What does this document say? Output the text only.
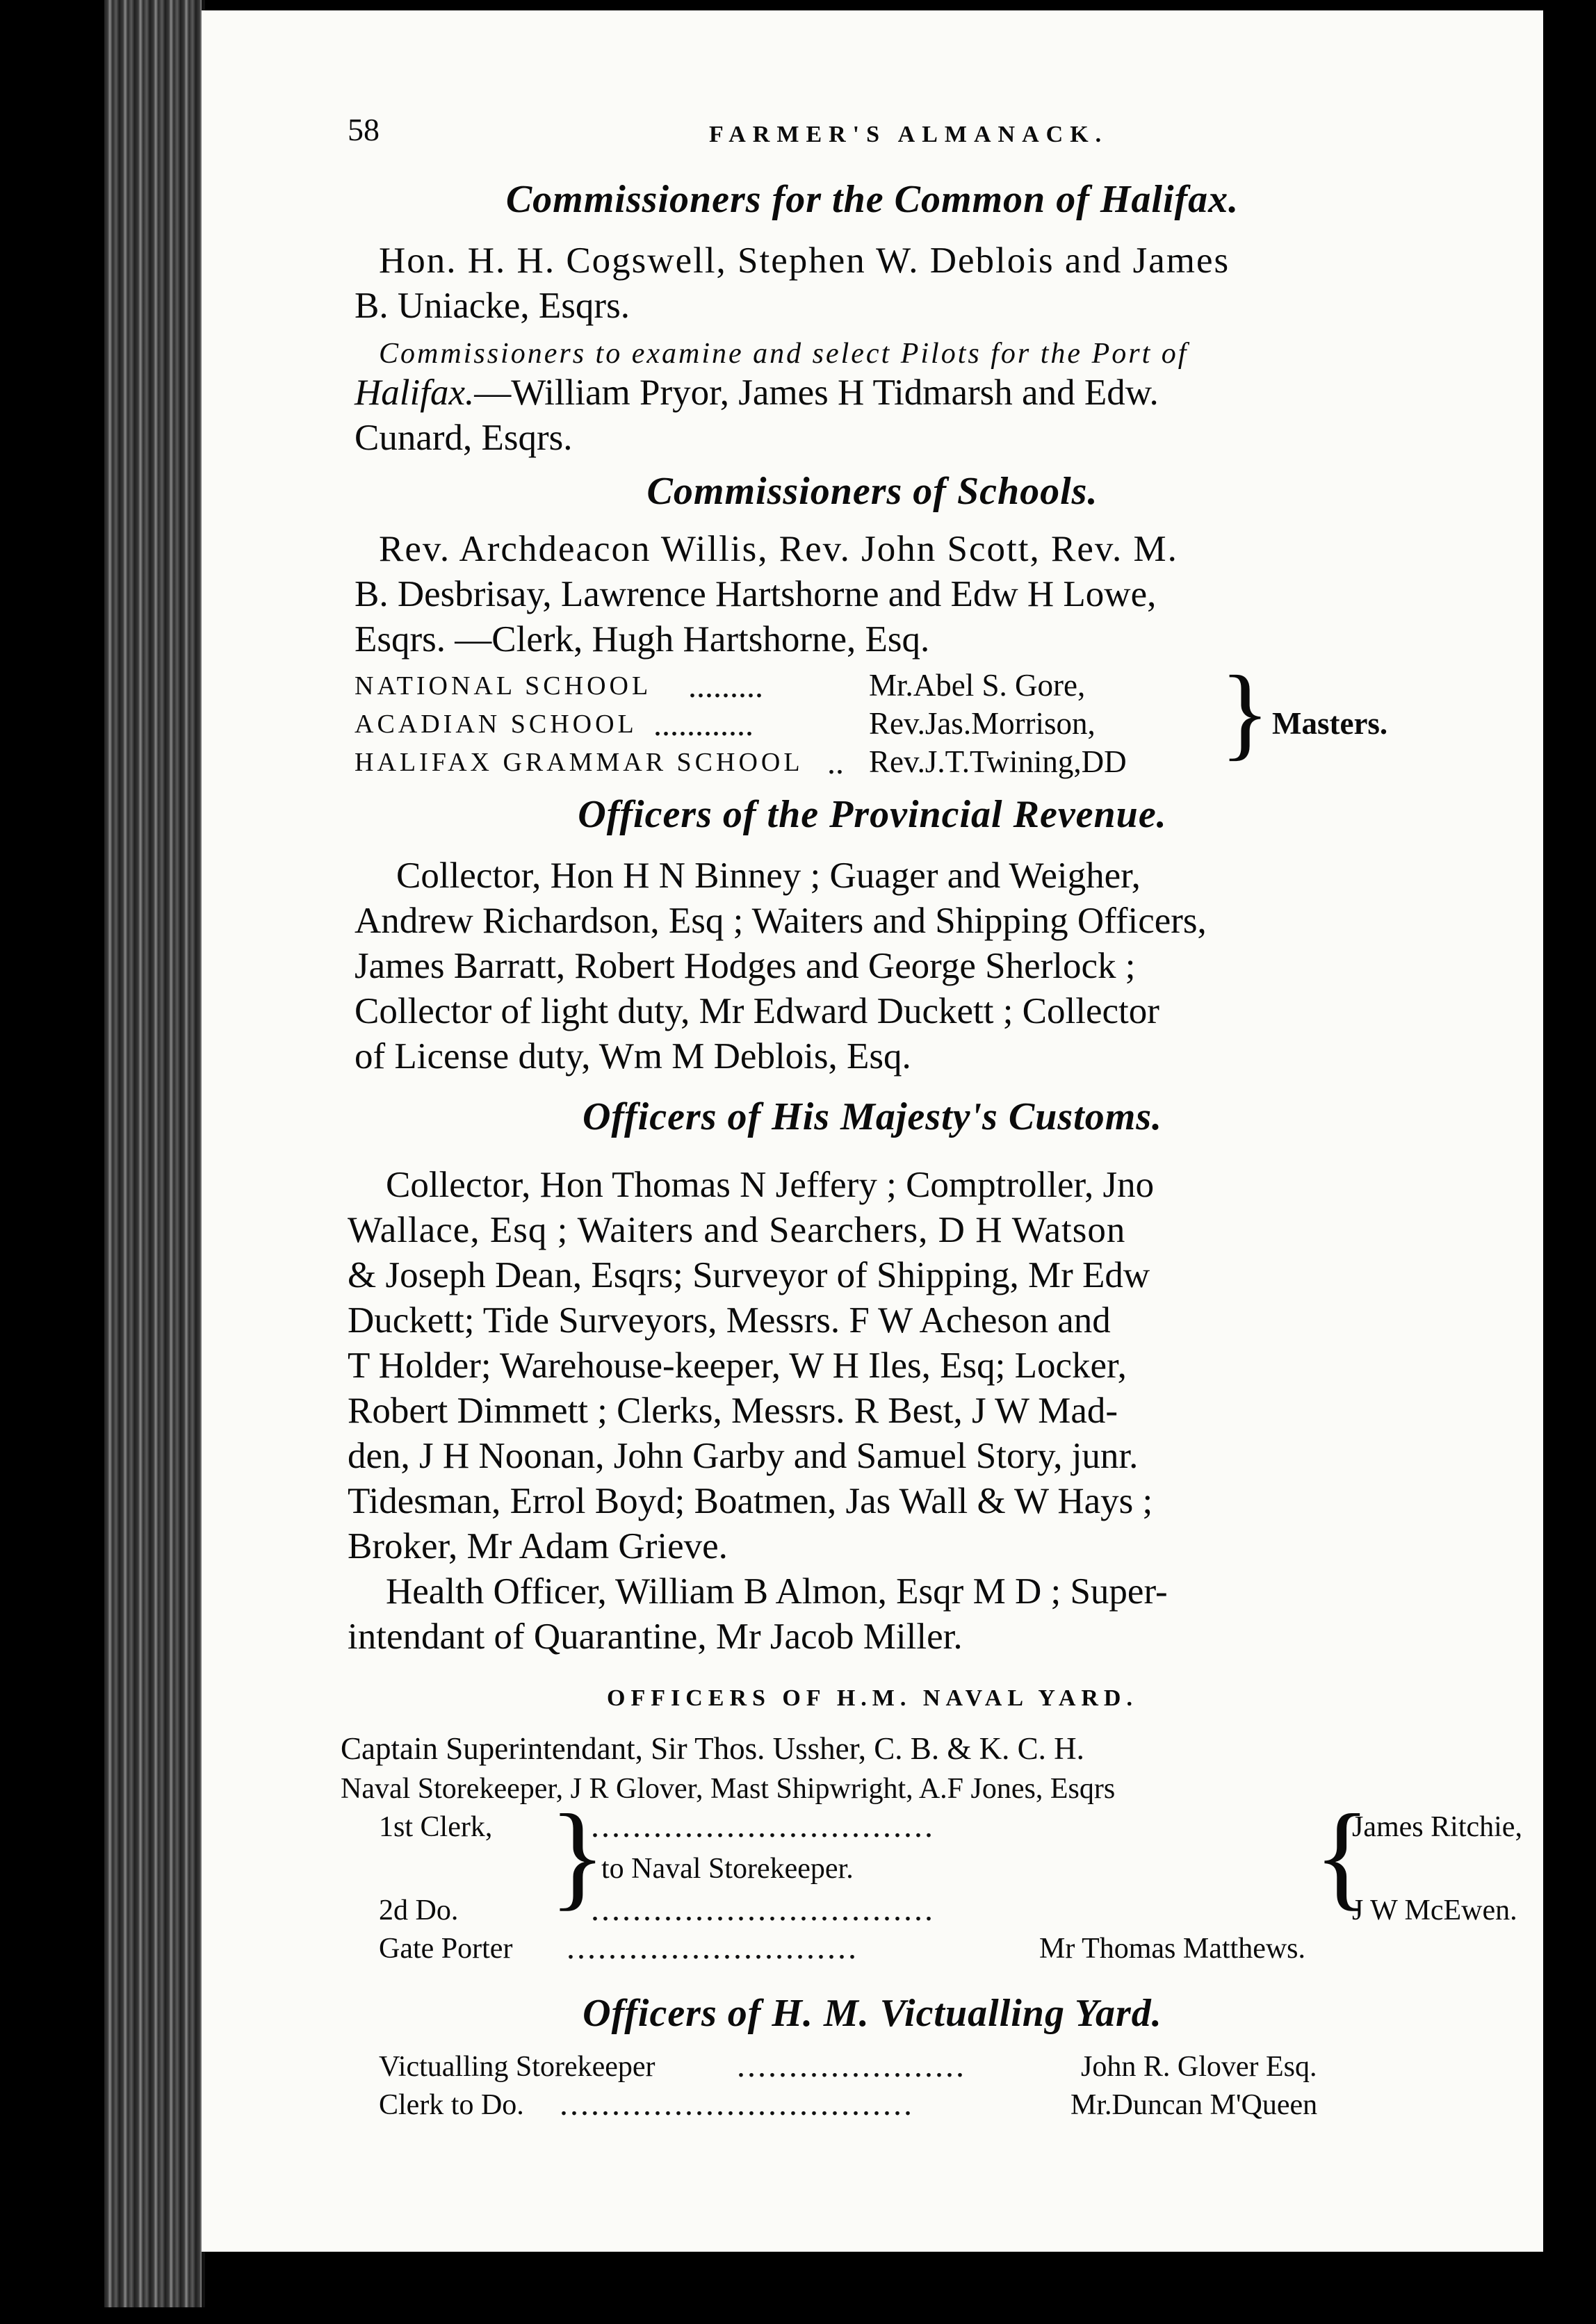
58	FARMER'S ALMANACK.
Commissioners for the Common of Halifax.
Hon. H. H. Cogswell, Stephen W. Deblois and James
B. Uniacke, Esqrs.
Commissioners to examine and select Pilots for the Port of
Halifax.—William Pryor, James H Tidmarsh and Edw.
Cunard, Esqrs.
Commissioners of Schools.
Rev. Archdeacon Willis, Rev. John Scott, Rev. M.
B. Desbrisay, Lawrence Hartshorne and Edw H Lowe,
Esqrs. —Clerk, Hugh Hartshorne, Esq.
NATIONAL SCHOOL .........	Mr.Abel S. Gore,
ACADIAN SCHOOL ............	Rev.Jas.Morrison,
HALIFAX GRAMMAR SCHOOL .. Rev.J.T.Twining,DD } Masters.
Officers of the Provincial Revenue.
Collector, Hon H N Binney ; Guager and Weigher,
Andrew Richardson, Esq ; Waiters and Shipping Officers,
James Barratt, Robert Hodges and George Sherlock ;
Collector of light duty, Mr Edward Duckett ; Collector
of License duty, Wm M Deblois, Esq.
Officers of His Majesty's Customs.
Collector, Hon Thomas N Jeffery ; Comptroller, Jno
Wallace, Esq ; Waiters and Searchers, D H Watson
& Joseph Dean, Esqrs; Surveyor of Shipping, Mr Edw
Duckett; Tide Surveyors, Messrs. F W Acheson and
T Holder; Warehouse-keeper, W H Iles, Esq; Locker,
Robert Dimmett ; Clerks, Messrs. R Best, J W Mad-
den, J H Noonan, John Garby and Samuel Story, junr.
Tidesman, Errol Boyd; Boatmen, Jas Wall & W Hays ;
Broker, Mr Adam Grieve.
Health Officer, William B Almon, Esqr M D ; Super-
intendant of Quarantine, Mr Jacob Miller.
OFFICERS OF H.M. NAVAL YARD.
Captain Superintendant, Sir Thos. Ussher, C. B. & K. C. H.
Naval Storekeeper, J R Glover, Mast Shipwright, A.F Jones, Esqrs
1st Clerk,	.................................	James Ritchie,
}
to Naval Storekeeper.	{
2d Do.	.................................	J W McEwen.
Gate Porter ............................	Mr Thomas Matthews.
Officers of H. M. Victualling Yard.
Victualling Storekeeper ......................	John R. Glover Esq.
Clerk to Do. ..................................	Mr.Duncan M'Queen
